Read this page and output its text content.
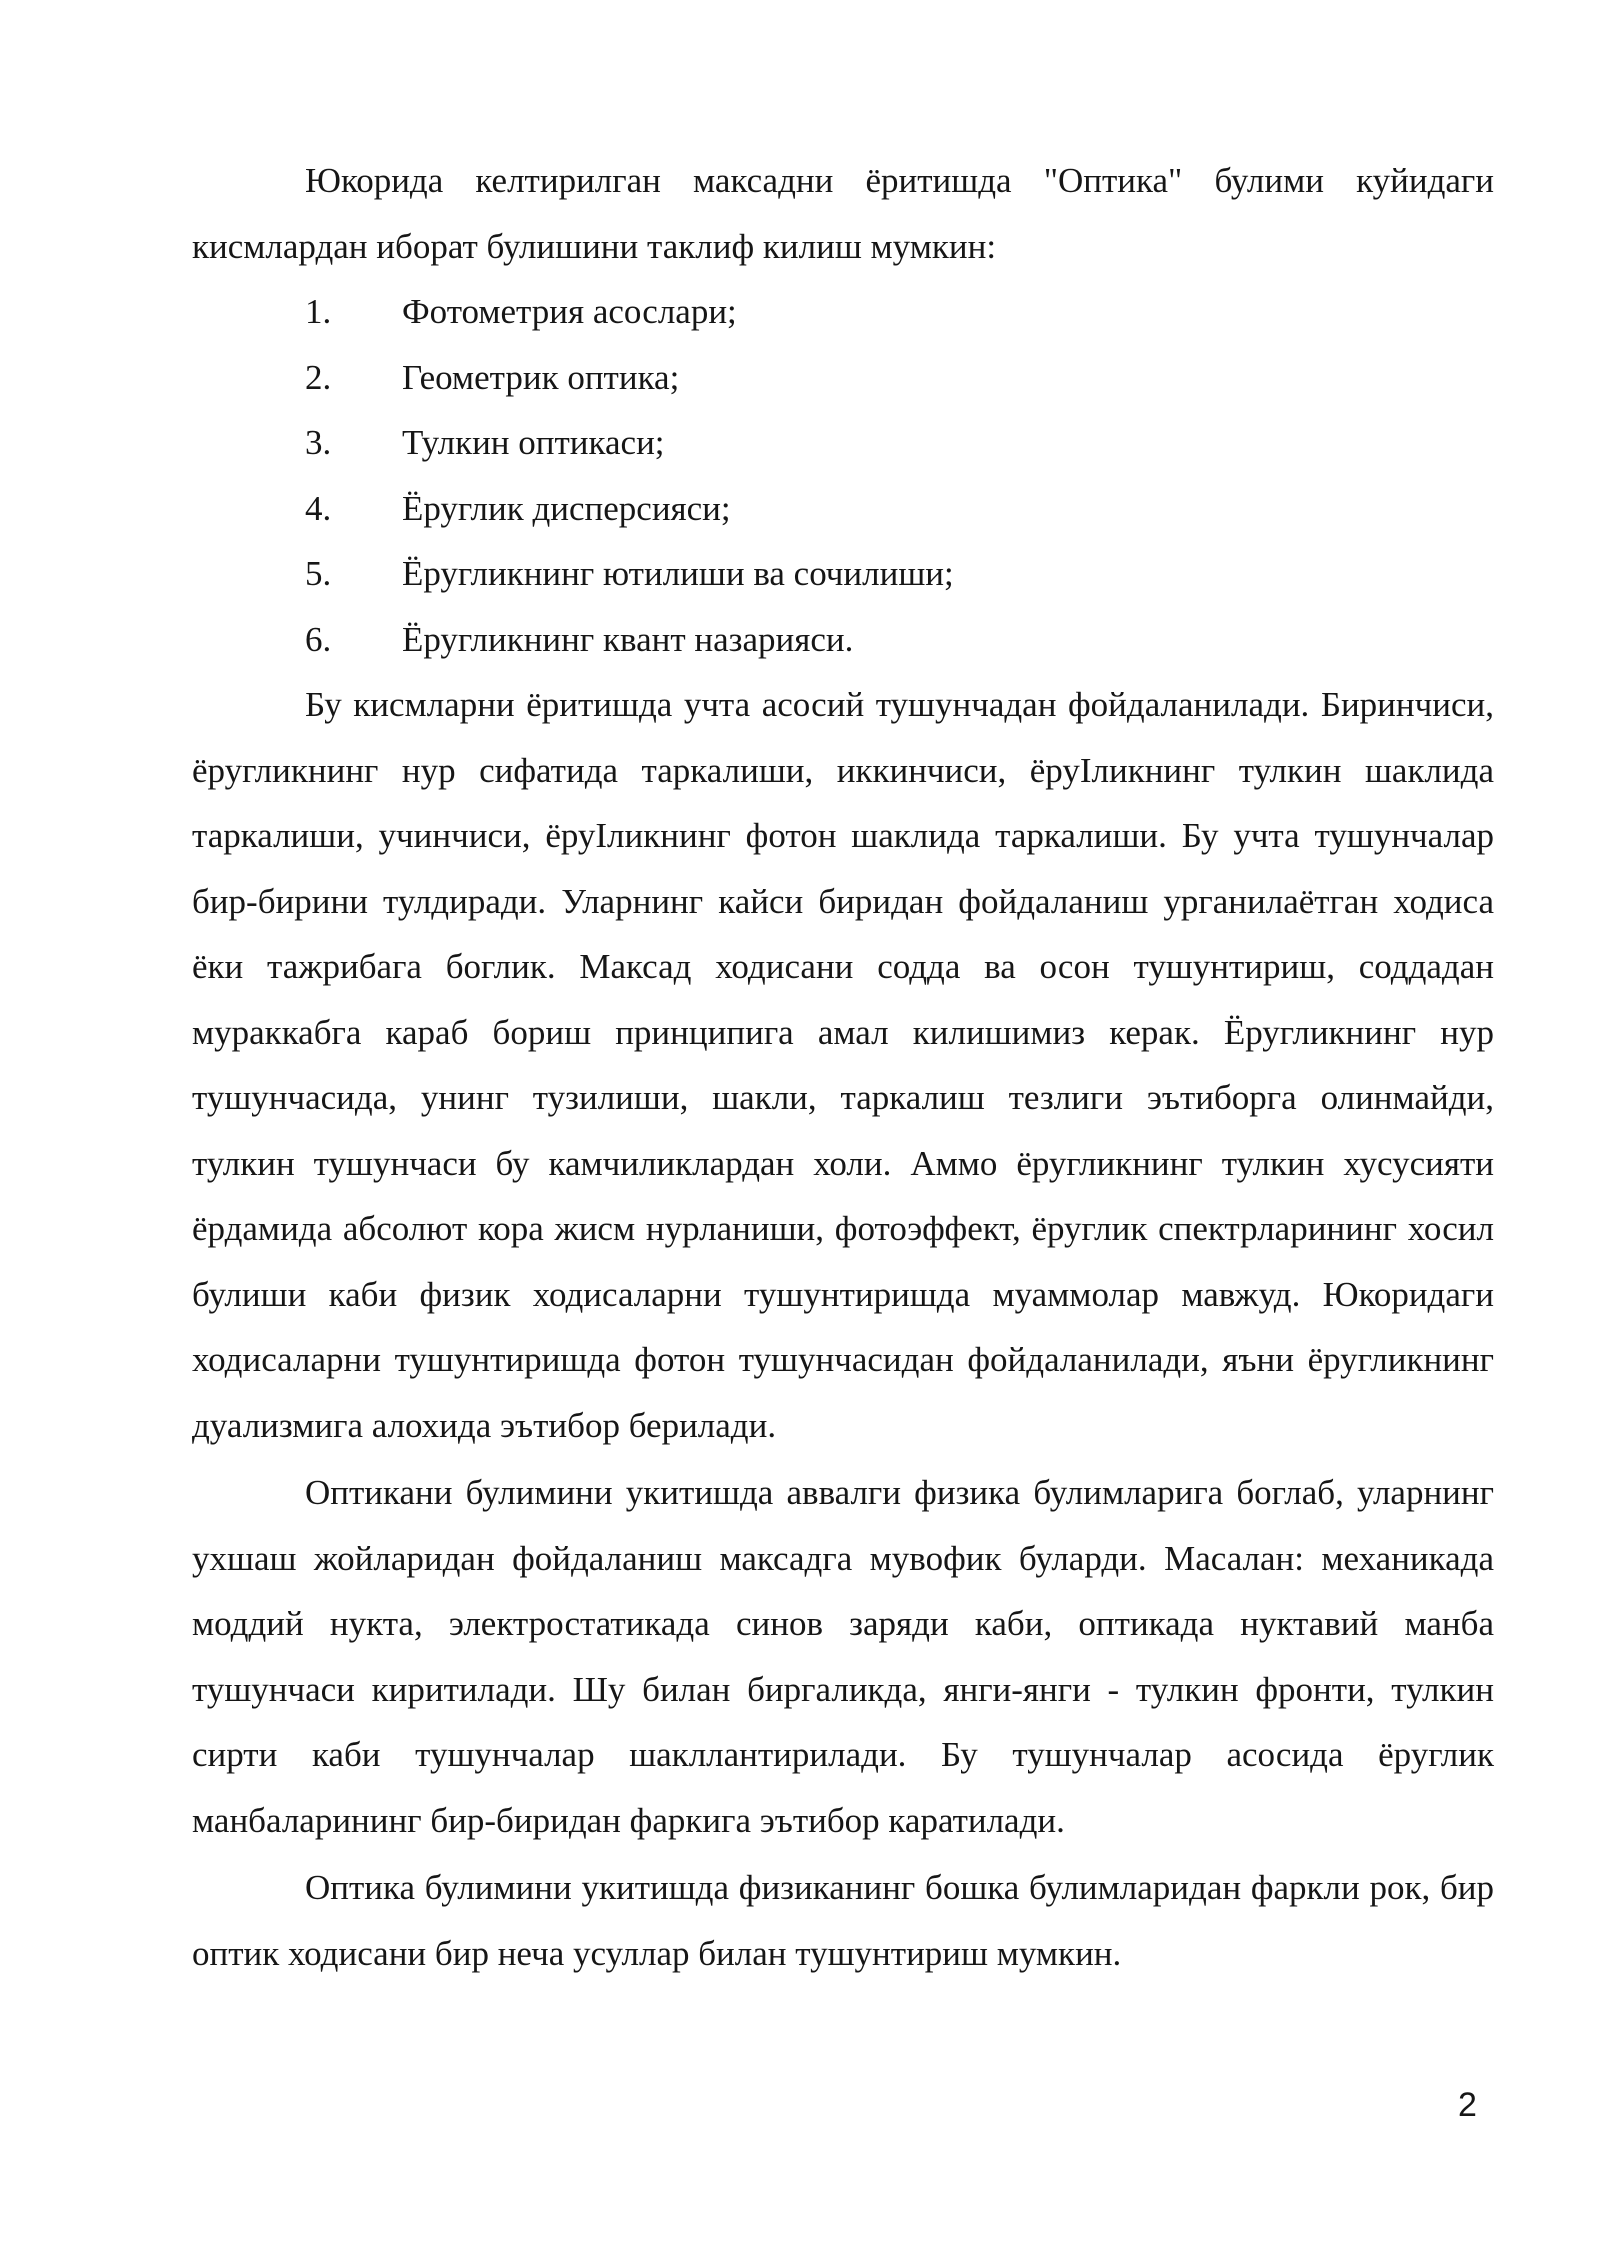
Юкорида келтирилган максадни ёритишда "Оптика" булими куйидаги кисмлардан иборат булишини таклиф килиш мумкин:

1.	Фотометрия асослари;
2.	Геометрик оптика;
3.	Тулкин оптикаси;
4.	Ёруглик дисперсияси;
5.	Ёругликнинг ютилиши ва сочилиши;
6.	Ёругликнинг квант назарияси.

Бу кисмларни ёритишда учта асосий тушунчадан фойдаланилади. Биринчиси, ёругликнинг нур сифатида таркалиши, иккинчиси, ёруІликнинг тулкин шаклида таркалиши, учинчиси, ёруІликнинг фотон шаклида таркалиши. Бу учта тушунчалар бир-бирини тулдиради. Уларнинг кайси биридан фойдаланиш урганилаётган ходиса ёки тажрибага боглик. Максад ходисани содда ва осон тушунтириш, соддадан мураккабга караб бориш принципига амал килишимиз керак. Ёругликнинг нур тушунчасида, унинг тузилиши, шакли, таркалиш тезлиги эътиборга олинмайди, тулкин тушунчаси бу камчиликлардан холи. Аммо ёругликнинг тулкин хусусияти ёрдамида абсолют кора жисм нурланиши, фотоэффект, ёруглик спектрларининг хосил булиши каби физик ходисаларни тушунтиришда муаммолар мавжуд. Юкоридаги ходисаларни тушунтиришда фотон тушунчасидан фойдаланилади, яъни ёругликнинг дуализмига алохида эътибор берилади.

Оптикани булимини укитишда аввалги физика булимларига боглаб, уларнинг ухшаш жойларидан фойдаланиш максадга мувофик буларди. Масалан: механикада моддий нукта, электростатикада синов заряди каби, оптикада нуктавий манба тушунчаси киритилади. Шу билан биргаликда, янги-янги - тулкин фронти, тулкин сирти каби тушунчалар шакллантирилади. Бу тушунчалар асосида ёруглик манбаларининг бир-биридан фаркига эътибор каратилади.

Оптика булимини укитишда физиканинг бошка булимларидан фаркли рок, бир оптик ходисани бир неча усуллар билан тушунтириш мумкин.

2
